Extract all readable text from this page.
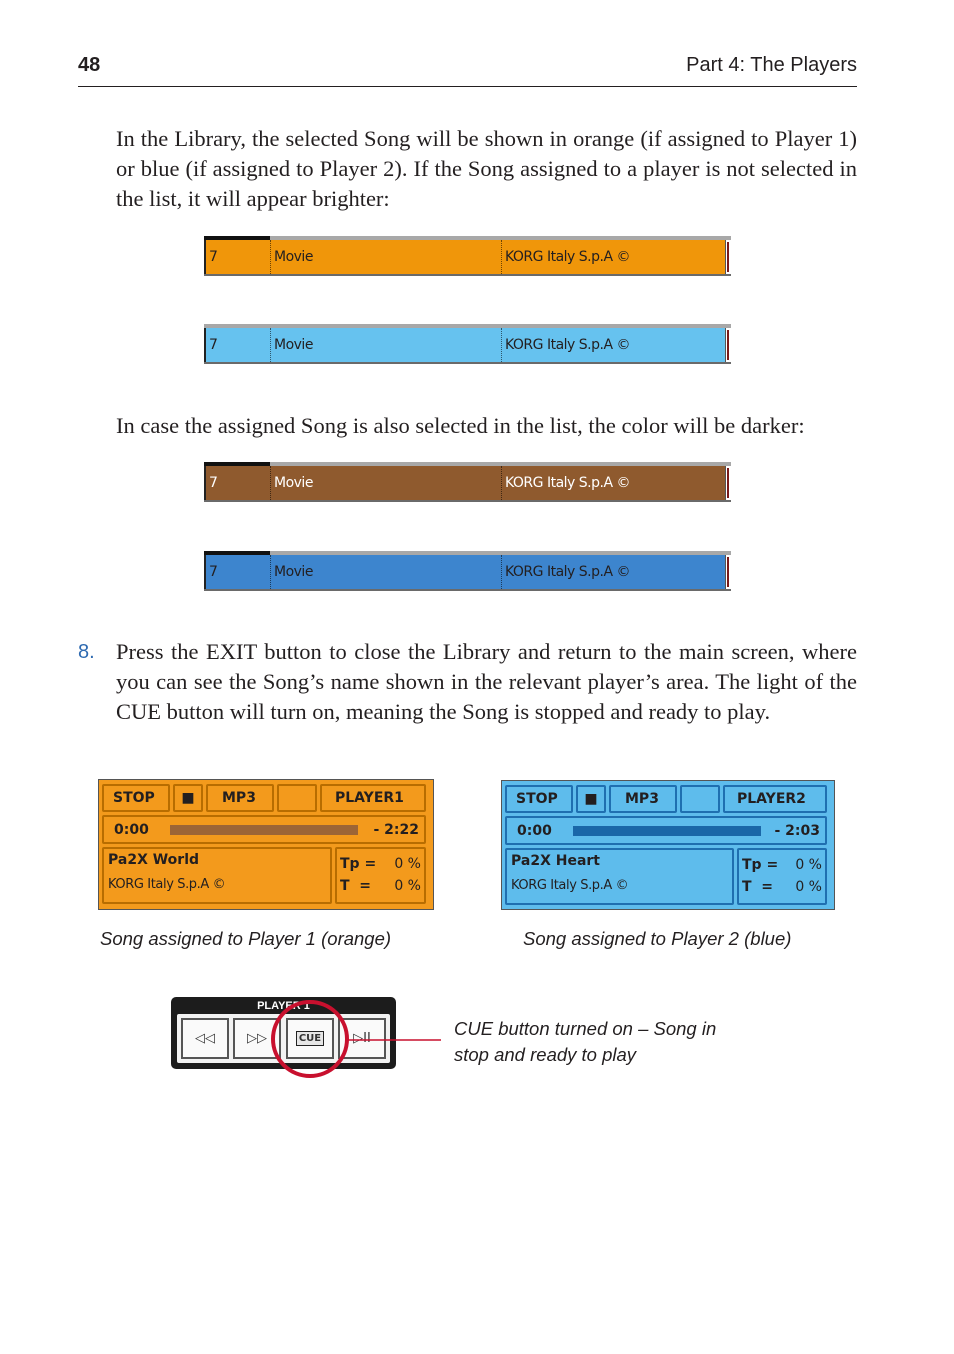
48	Part 4: The Players
In the Library, the selected Song will be shown in orange (if assigned to Player 1) or blue (if assigned to Player 2). If the Song assigned to a player is not selected in the list, it will appear brighter:
7	Movie	KORG Italy S.p.A ©
7	Movie	KORG Italy S.p.A ©
In case the assigned Song is also selected in the list, the color will be darker:
7	Movie	KORG Italy S.p.A ©
7	Movie	KORG Italy S.p.A ©
8. Press the EXIT button to close the Library and return to the main screen, where you can see the Song’s name shown in the relevant player’s area. The light of the CUE button will turn on, meaning the Song is stopped and ready to play.
STOP	■	MP3	PLAYER1
0:00	- 2:22
Pa2X World
KORG Italy S.p.A ©
Tp = 0 %
T  = 0 %
STOP	■	MP3	PLAYER2
0:00	- 2:03
Pa2X Heart
KORG Italy S.p.A ©
Tp = 0 %
T  = 0 %
Song assigned to Player 1 (orange)	Song assigned to Player 2 (blue)
PLAYER 1
◁◁ ▷▷	CUE ▷II	CUE button turned on – Song in
stop and ready to play
